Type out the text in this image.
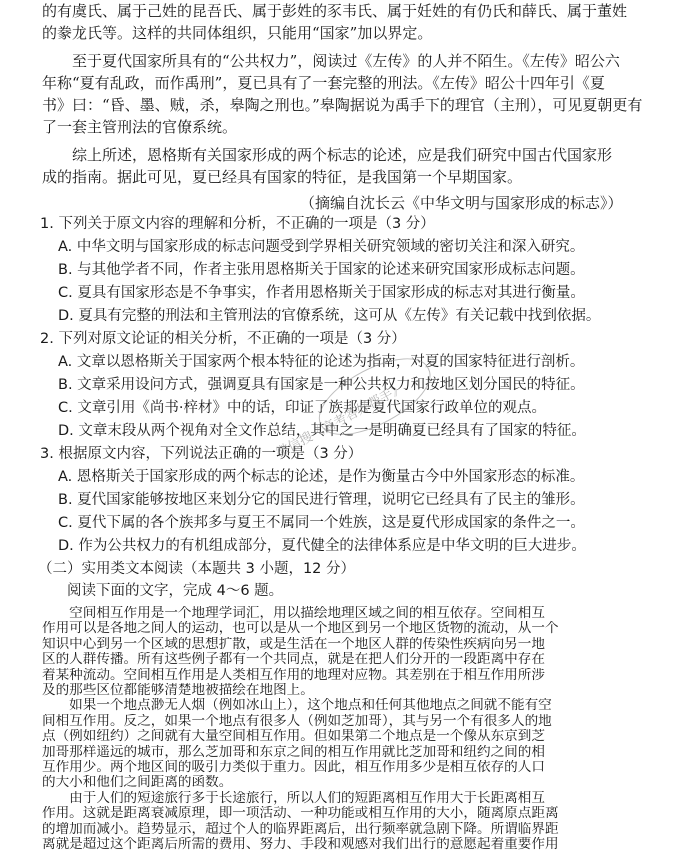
的有虞氏、属于己姓的昆吾氏、属于彭姓的豕韦氏、属于妊姓的有仍氏和薛氏、属于董姓
的豢龙氏等。这样的共同体组织，只能用“国家”加以界定。
　　至于夏代国家所具有的“公共权力”，阅读过《左传》的人并不陌生。《左传》昭公六
年称“夏有乱政，而作禹刑”，夏已具有了一套完整的刑法。《左传》昭公十四年引《夏
书》曰：“昏、墨、贼，杀，皋陶之刑也。”皋陶据说为禹手下的理官（主刑），可见夏朝更有
了一套主管刑法的官僚系统。
　　综上所述，恩格斯有关国家形成的两个标志的论述，应是我们研究中国古代国家形
成的指南。据此可见，夏已经具有国家的特征，是我国第一个早期国家。
（摘编自沈长云《中华文明与国家形成的标志》）
1. 下列关于原文内容的理解和分析，不正确的一项是（3 分）
A. 中华文明与国家形成的标志问题受到学界相关研究领域的密切关注和深入研究。
B. 与其他学者不同，作者主张用恩格斯关于国家的论述来研究国家形成标志问题。
C. 夏具有国家形态是不争事实，作者用恩格斯关于国家形成的标志对其进行衡量。
D. 夏具有完整的刑法和主管刑法的官僚系统，这可从《左传》有关记载中找到依据。
2. 下列对原文论证的相关分析，不正确的一项是（3 分）
A. 文章以恩格斯关于国家两个根本特征的论述为指南，对夏的国家特征进行剖析。
B. 文章采用设问方式，强调夏具有国家是一种公共权力和按地区划分国民的特征。
C. 文章引用《尚书·梓材》中的话，印证了族邦是夏代国家行政单位的观点。
D. 文章末段从两个视角对全文作总结，其中之一是明确夏已经具有了国家的特征。
3. 根据原文内容，下列说法正确的一项是（3 分）
A. 恩格斯关于国家形成的两个标志的论述，是作为衡量古今中外国家形态的标准。
B. 夏代国家能够按地区来划分它的国民进行管理，说明它已经具有了民主的雏形。
C. 夏代下属的各个族邦多与夏王不属同一个姓族，这是夏代形成国家的条件之一。
D. 作为公共权力的有机组成部分，夏代健全的法律体系应是中华文明的巨大进步。
（二）实用类文本阅读（本题共 3 小题，12 分）
　　阅读下面的文字，完成 4～6 题。
　　空间相互作用是一个地理学词汇，用以描绘地理区域之间的相互依存。空间相互
作用可以是各地之间人的运动，也可以是从一个地区到另一个地区货物的流动，从一个
知识中心到另一个区域的思想扩散，或是生活在一个地区人群的传染性疾病向另一地
区的人群传播。所有这些例子都有一个共同点，就是在把人们分开的一段距离中存在
着某种流动。空间相互作用是人类相互作用的地理对应物。其差别在于相互作用所涉
及的那些区位都能够清楚地被描绘在地图上。
　　如果一个地点渺无人烟（例如冰山上），这个地点和任何其他地点之间就不能有空
间相互作用。反之，如果一个地点有很多人（例如芝加哥），其与另一个有很多人的地
点（例如纽约）之间就有大量空间相互作用。但如果第二个地点是一个像从东京到芝
加哥那样遥远的城市，那么芝加哥和东京之间的相互作用就比芝加哥和纽约之间的相
互作用少。两个地区间的吸引力类似于重力。因此，相互作用多少是相互依存的人口
的大小和他们之间距离的函数。
　　由于人们的短途旅行多于长途旅行，所以人们的短距离相互作用大于长距离相互
作用。这就是距离衰减原理，即一项活动、一种功能或相互作用的大小，随离原点距离
的增加而减小。趋势显示，超过个人的临界距离后，出行频率就急剧下降。所谓临界距
离就是超过这个距离后所需的费用、努力、手段和观感对我们出行的意愿起着重要作用
微信搜《高考答好帮手》
